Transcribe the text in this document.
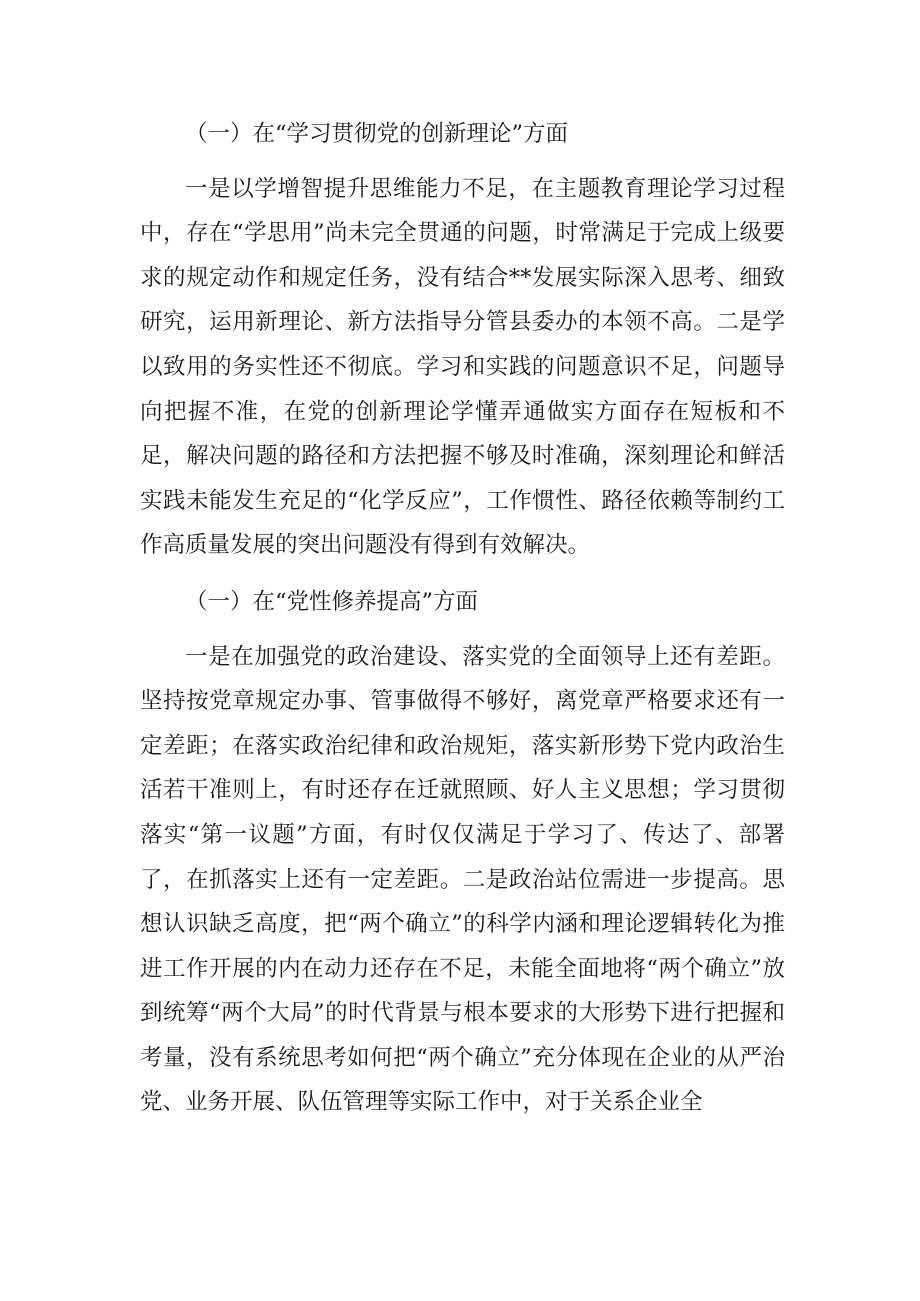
（一）在“学习贯彻党的创新理论”方面
一是以学增智提升思维能力不足，在主题教育理论学习过程中，存在“学思用”尚未完全贯通的问题，时常满足于完成上级要求的规定动作和规定任务，没有结合**发展实际深入思考、细致研究，运用新理论、新方法指导分管县委办的本领不高。二是学以致用的务实性还不彻底。学习和实践的问题意识不足，问题导向把握不准，在党的创新理论学懂弄通做实方面存在短板和不足，解决问题的路径和方法把握不够及时准确，深刻理论和鲜活实践未能发生充足的“化学反应”，工作惯性、路径依赖等制约工作高质量发展的突出问题没有得到有效解决。
（一）在“党性修养提高”方面
一是在加强党的政治建设、落实党的全面领导上还有差距。坚持按党章规定办事、管事做得不够好，离党章严格要求还有一定差距；在落实政治纪律和政治规矩，落实新形势下党内政治生活若干准则上，有时还存在迁就照顾、好人主义思想；学习贯彻落实“第一议题”方面，有时仅仅满足于学习了、传达了、部署了，在抓落实上还有一定差距。二是政治站位需进一步提高。思想认识缺乏高度，把“两个确立”的科学内涵和理论逻辑转化为推进工作开展的内在动力还存在不足，未能全面地将“两个确立”放到统筹“两个大局”的时代背景与根本要求的大形势下进行把握和考量，没有系统思考如何把“两个确立”充分体现在企业的从严治党、业务开展、队伍管理等实际工作中，对于关系企业全
